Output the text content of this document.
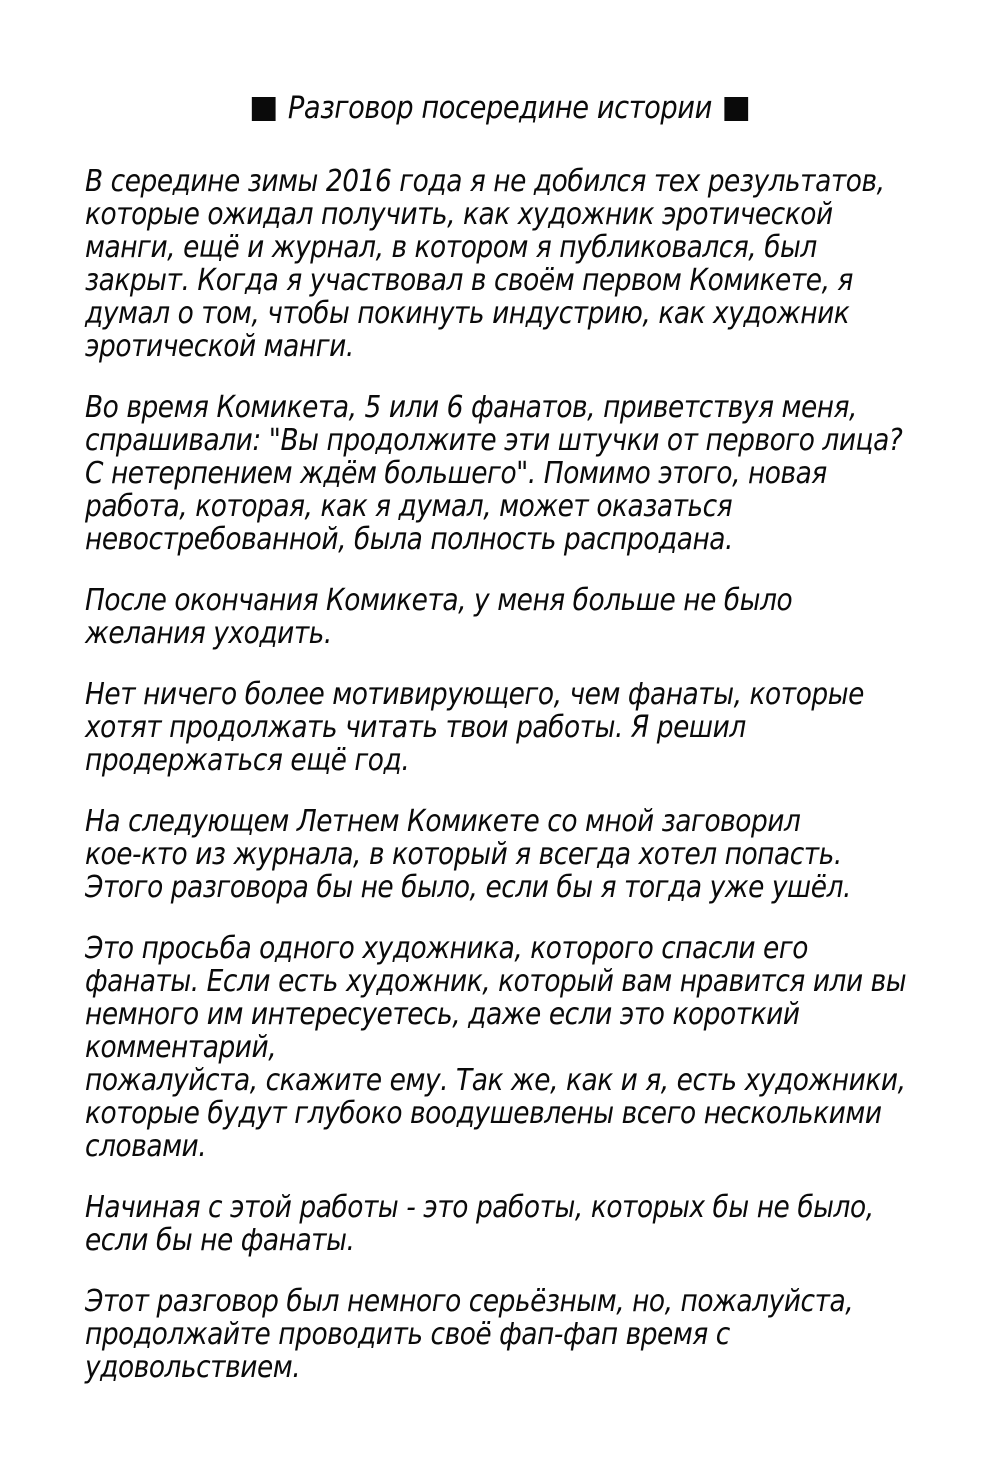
Разговор посередине истории
В середине зимы 2016 года я не добился тех результатов,
которые ожидал получить, как художник эротической
манги, ещё и журнал, в котором я публиковался, был
закрыт. Когда я участвовал в своём первом Комикете, я
думал о том, чтобы покинуть индустрию, как художник
эротической манги.
Во время Комикета, 5 или 6 фанатов, приветствуя меня,
спрашивали: "Вы продолжите эти штучки от первого лица?
С нетерпением ждём большего". Помимо этого, новая
работа, которая, как я думал, может оказаться
невостребованной, была полность распродана.
После окончания Комикета, у меня больше не было
желания уходить.
Нет ничего более мотивирующего, чем фанаты, которые
хотят продолжать читать твои работы. Я решил
продержаться ещё год.
На следующем Летнем Комикете со мной заговорил
кое-кто из журнала, в который я всегда хотел попасть.
Этого разговора бы не было, если бы я тогда уже ушёл.
Это просьба одного художника, которого спасли его
фанаты. Если есть художник, который вам нравится или вы
немного им интересуетесь, даже если это короткий
комментарий,
пожалуйста, скажите ему. Так же, как и я, есть художники,
которые будут глубоко воодушевлены всего несколькими
словами.
Начиная с этой работы - это работы, которых бы не было,
если бы не фанаты.
Этот разговор был немного серьёзным, но, пожалуйста,
продолжайте проводить своё фап-фап время с
удовольствием.
